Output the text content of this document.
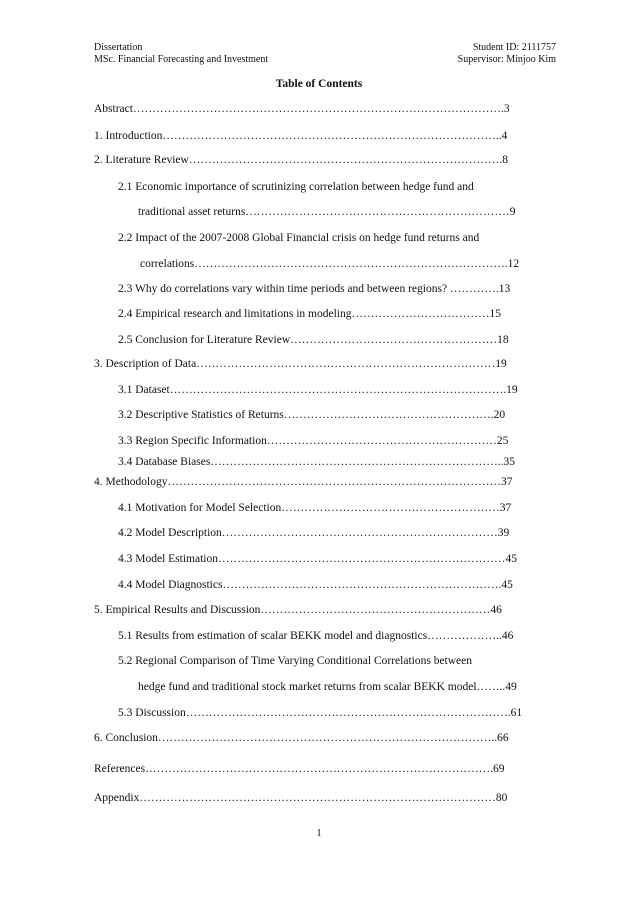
Dissertation
MSc. Financial Forecasting and Investment
Student ID: 2111757
Supervisor: Minjoo Kim
Table of Contents
Abstract…………………………………………………………………………………….3
1. Introduction……………………………………………………………………………..4
2. Literature Review……………………………………………………………………….8
2.1 Economic importance of scrutinizing correlation between hedge fund and
traditional asset returns……………………………………………………………9
2.2 Impact of the 2007-2008 Global Financial crisis on hedge fund returns and
correlations……………………………………………………………………….12
2.3 Why do correlations vary within time periods and between regions? ………….13
2.4 Empirical research and limitations in modeling………………………………15
2.5 Conclusion for Literature Review………………………………………………18
3. Description of Data……………………………………………………………………19
3.1 Dataset…………………………………………………………………………….19
3.2 Descriptive Statistics of Returns……………………………………………….20
3.3 Region Specific Information……………………………………………………25
3.4 Database Biases…………………………………………………………………..35
4. Methodology……………………………………………………………………………37
4.1 Motivation for Model Selection…………………………………………………37
4.2 Model Description………………………………………………………………39
4.3 Model Estimation…………………………………………………………………45
4.4 Model Diagnostics……………………………………………………………….45
5. Empirical Results and Discussion……………………………………………………46
5.1 Results from estimation of scalar BEKK model and diagnostics………………..46
5.2 Regional Comparison of Time Varying Conditional Correlations between
hedge fund and traditional stock market returns from scalar BEKK model……..49
5.3 Discussion………………………………………………………………………….61
6. Conclusion……………………………………………………………………………..66
References……………………………………………………………………………….69
Appendix…………………………………………………………………………………80
1
